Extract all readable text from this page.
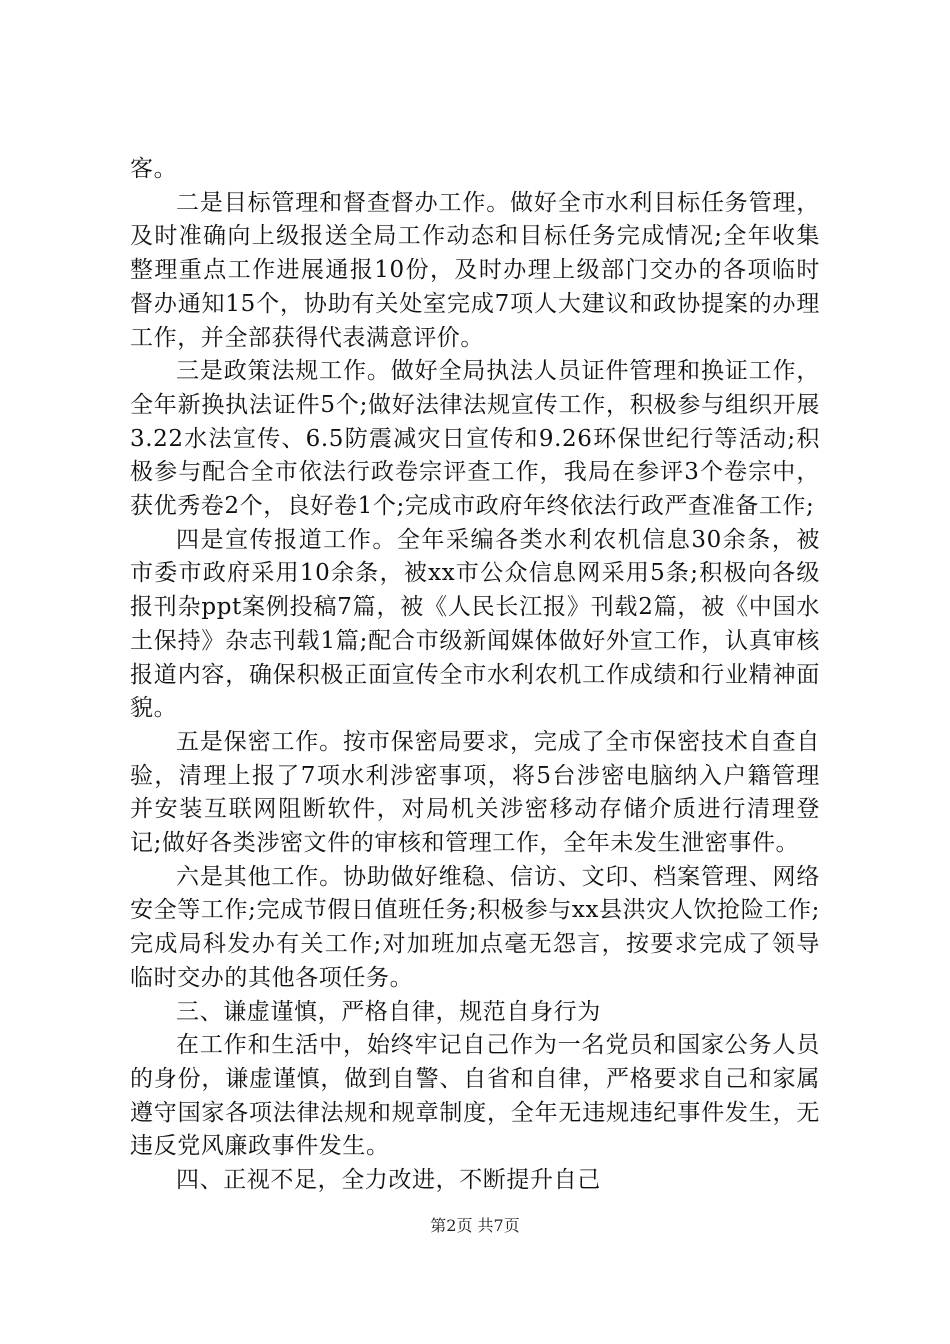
客。

二是目标管理和督查督办工作。做好全市水利目标任务管理，及时准确向上级报送全局工作动态和目标任务完成情况;全年收集整理重点工作进展通报10份，及时办理上级部门交办的各项临时督办通知15个，协助有关处室完成7项人大建议和政协提案的办理工作，并全部获得代表满意评价。

三是政策法规工作。做好全局执法人员证件管理和换证工作，全年新换执法证件5个;做好法律法规宣传工作，积极参与组织开展3.22水法宣传、6.5防震减灾日宣传和9.26环保世纪行等活动;积极参与配合全市依法行政卷宗评查工作，我局在参评3个卷宗中，获优秀卷2个，良好卷1个;完成市政府年终依法行政严查准备工作;

四是宣传报道工作。全年采编各类水利农机信息30余条，被市委市政府采用10余条，被xx市公众信息网采用5条;积极向各级报刊杂ppt案例投稿7篇，被《人民长江报》刊载2篇，被《中国水土保持》杂志刊载1篇;配合市级新闻媒体做好外宣工作，认真审核报道内容，确保积极正面宣传全市水利农机工作成绩和行业精神面貌。

五是保密工作。按市保密局要求，完成了全市保密技术自查自验，清理上报了7项水利涉密事项，将5台涉密电脑纳入户籍管理并安装互联网阻断软件，对局机关涉密移动存储介质进行清理登记;做好各类涉密文件的审核和管理工作，全年未发生泄密事件。

六是其他工作。协助做好维稳、信访、文印、档案管理、网络安全等工作;完成节假日值班任务;积极参与xx县洪灾人饮抢险工作;完成局科发办有关工作;对加班加点毫无怨言，按要求完成了领导临时交办的其他各项任务。

三、谦虚谨慎，严格自律，规范自身行为

在工作和生活中，始终牢记自己作为一名党员和国家公务人员的身份，谦虚谨慎，做到自警、自省和自律，严格要求自己和家属遵守国家各项法律法规和规章制度，全年无违规违纪事件发生，无违反党风廉政事件发生。

四、正视不足，全力改进，不断提升自己

第2页 共7页
